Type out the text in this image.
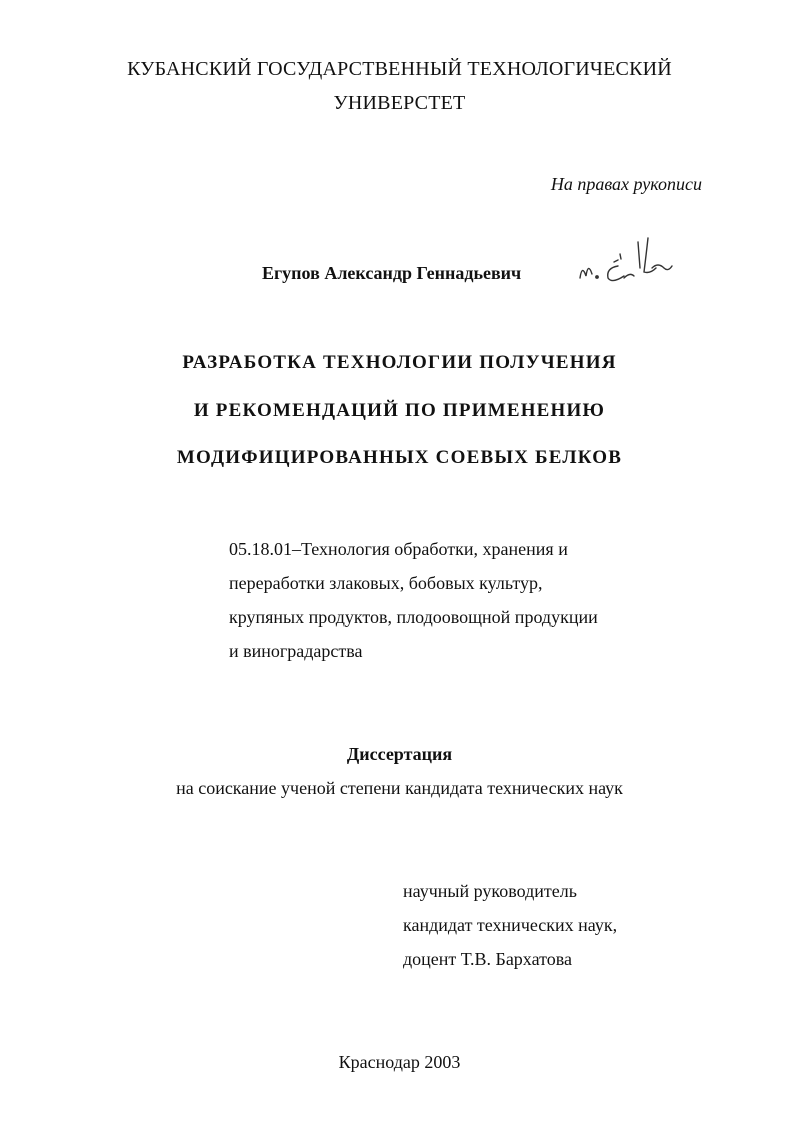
КУБАНСКИЙ ГОСУДАРСТВЕННЫЙ ТЕХНОЛОГИЧЕСКИЙ
УНИВЕРСТЕТ
На правах рукописи
Егупов Александр Геннадьевич
РАЗРАБОТКА ТЕХНОЛОГИИ ПОЛУЧЕНИЯ
И РЕКОМЕНДАЦИЙ ПО ПРИМЕНЕНИЮ
МОДИФИЦИРОВАННЫХ СОЕВЫХ БЕЛКОВ
05.18.01–Технология обработки, хранения и
переработки злаковых, бобовых культур,
крупяных продуктов, плодоовощной продукции
и виноградарства
Диссертация
на соискание ученой степени кандидата технических наук
научный руководитель
кандидат технических наук,
доцент Т.В. Бархатова
Краснодар 2003
